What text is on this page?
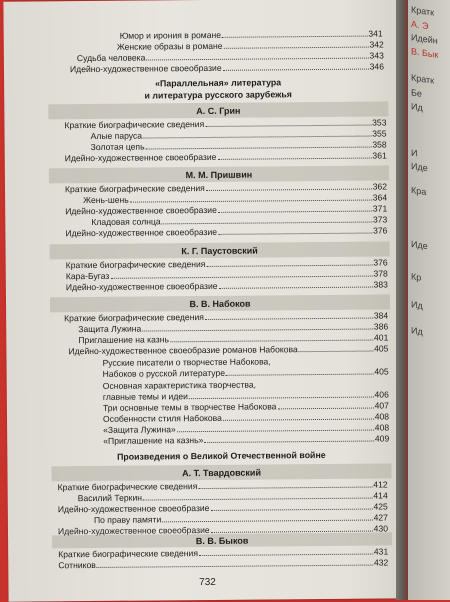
Юмор и ирония в романе	341
Женские образы в романе	342
Судьба человека	343
Идейно-художественное своеобразие	346
«Параллельная» литература
и литература русского зарубежья
А. С. Грин
Краткие биографические сведения	353
Алые паруса	355
Золотая цепь	358
Идейно-художественное своеобразие	361
М. М. Пришвин
Краткие биографические сведения	362
Жень-шень	364
Идейно-художественное своеобразие	371
Кладовая солнца	373
Идейно-художественное своеобразие	376
К. Г. Паустовский
Краткие биографические сведения	376
Кара-Бугаз	378
Идейно-художественное своеобразие	383
В. В. Набоков
Краткие биографические сведения	384
Защита Лужина	386
Приглашение на казнь	401
Идейно-художественное своеобразие романов Набокова	405
Русские писатели о творчестве Набокова,
Набоков о русской литературе	405
Основная характеристика творчества,
главные темы и идеи	406
Три основные темы в творчестве Набокова	407
Особенности стиля Набокова	408
«Защита Лужина»	408
«Приглашение на казнь»	409
Произведения о Великой Отечественной войне
А. Т. Твардовский
Краткие биографические сведения	412
Василий Теркин	414
Идейно-художественное своеобразие	425
По праву памяти	427
Идейно-художественное своеобразие	430
В. В. Быков
Краткие биографические сведения	431
Сотников	432
732
Кратк
А. Э
Идейн
В. Бык
Кратк
Бе
Ид
И
Иде
Кра
Иде
Кр
Ид
Ид
